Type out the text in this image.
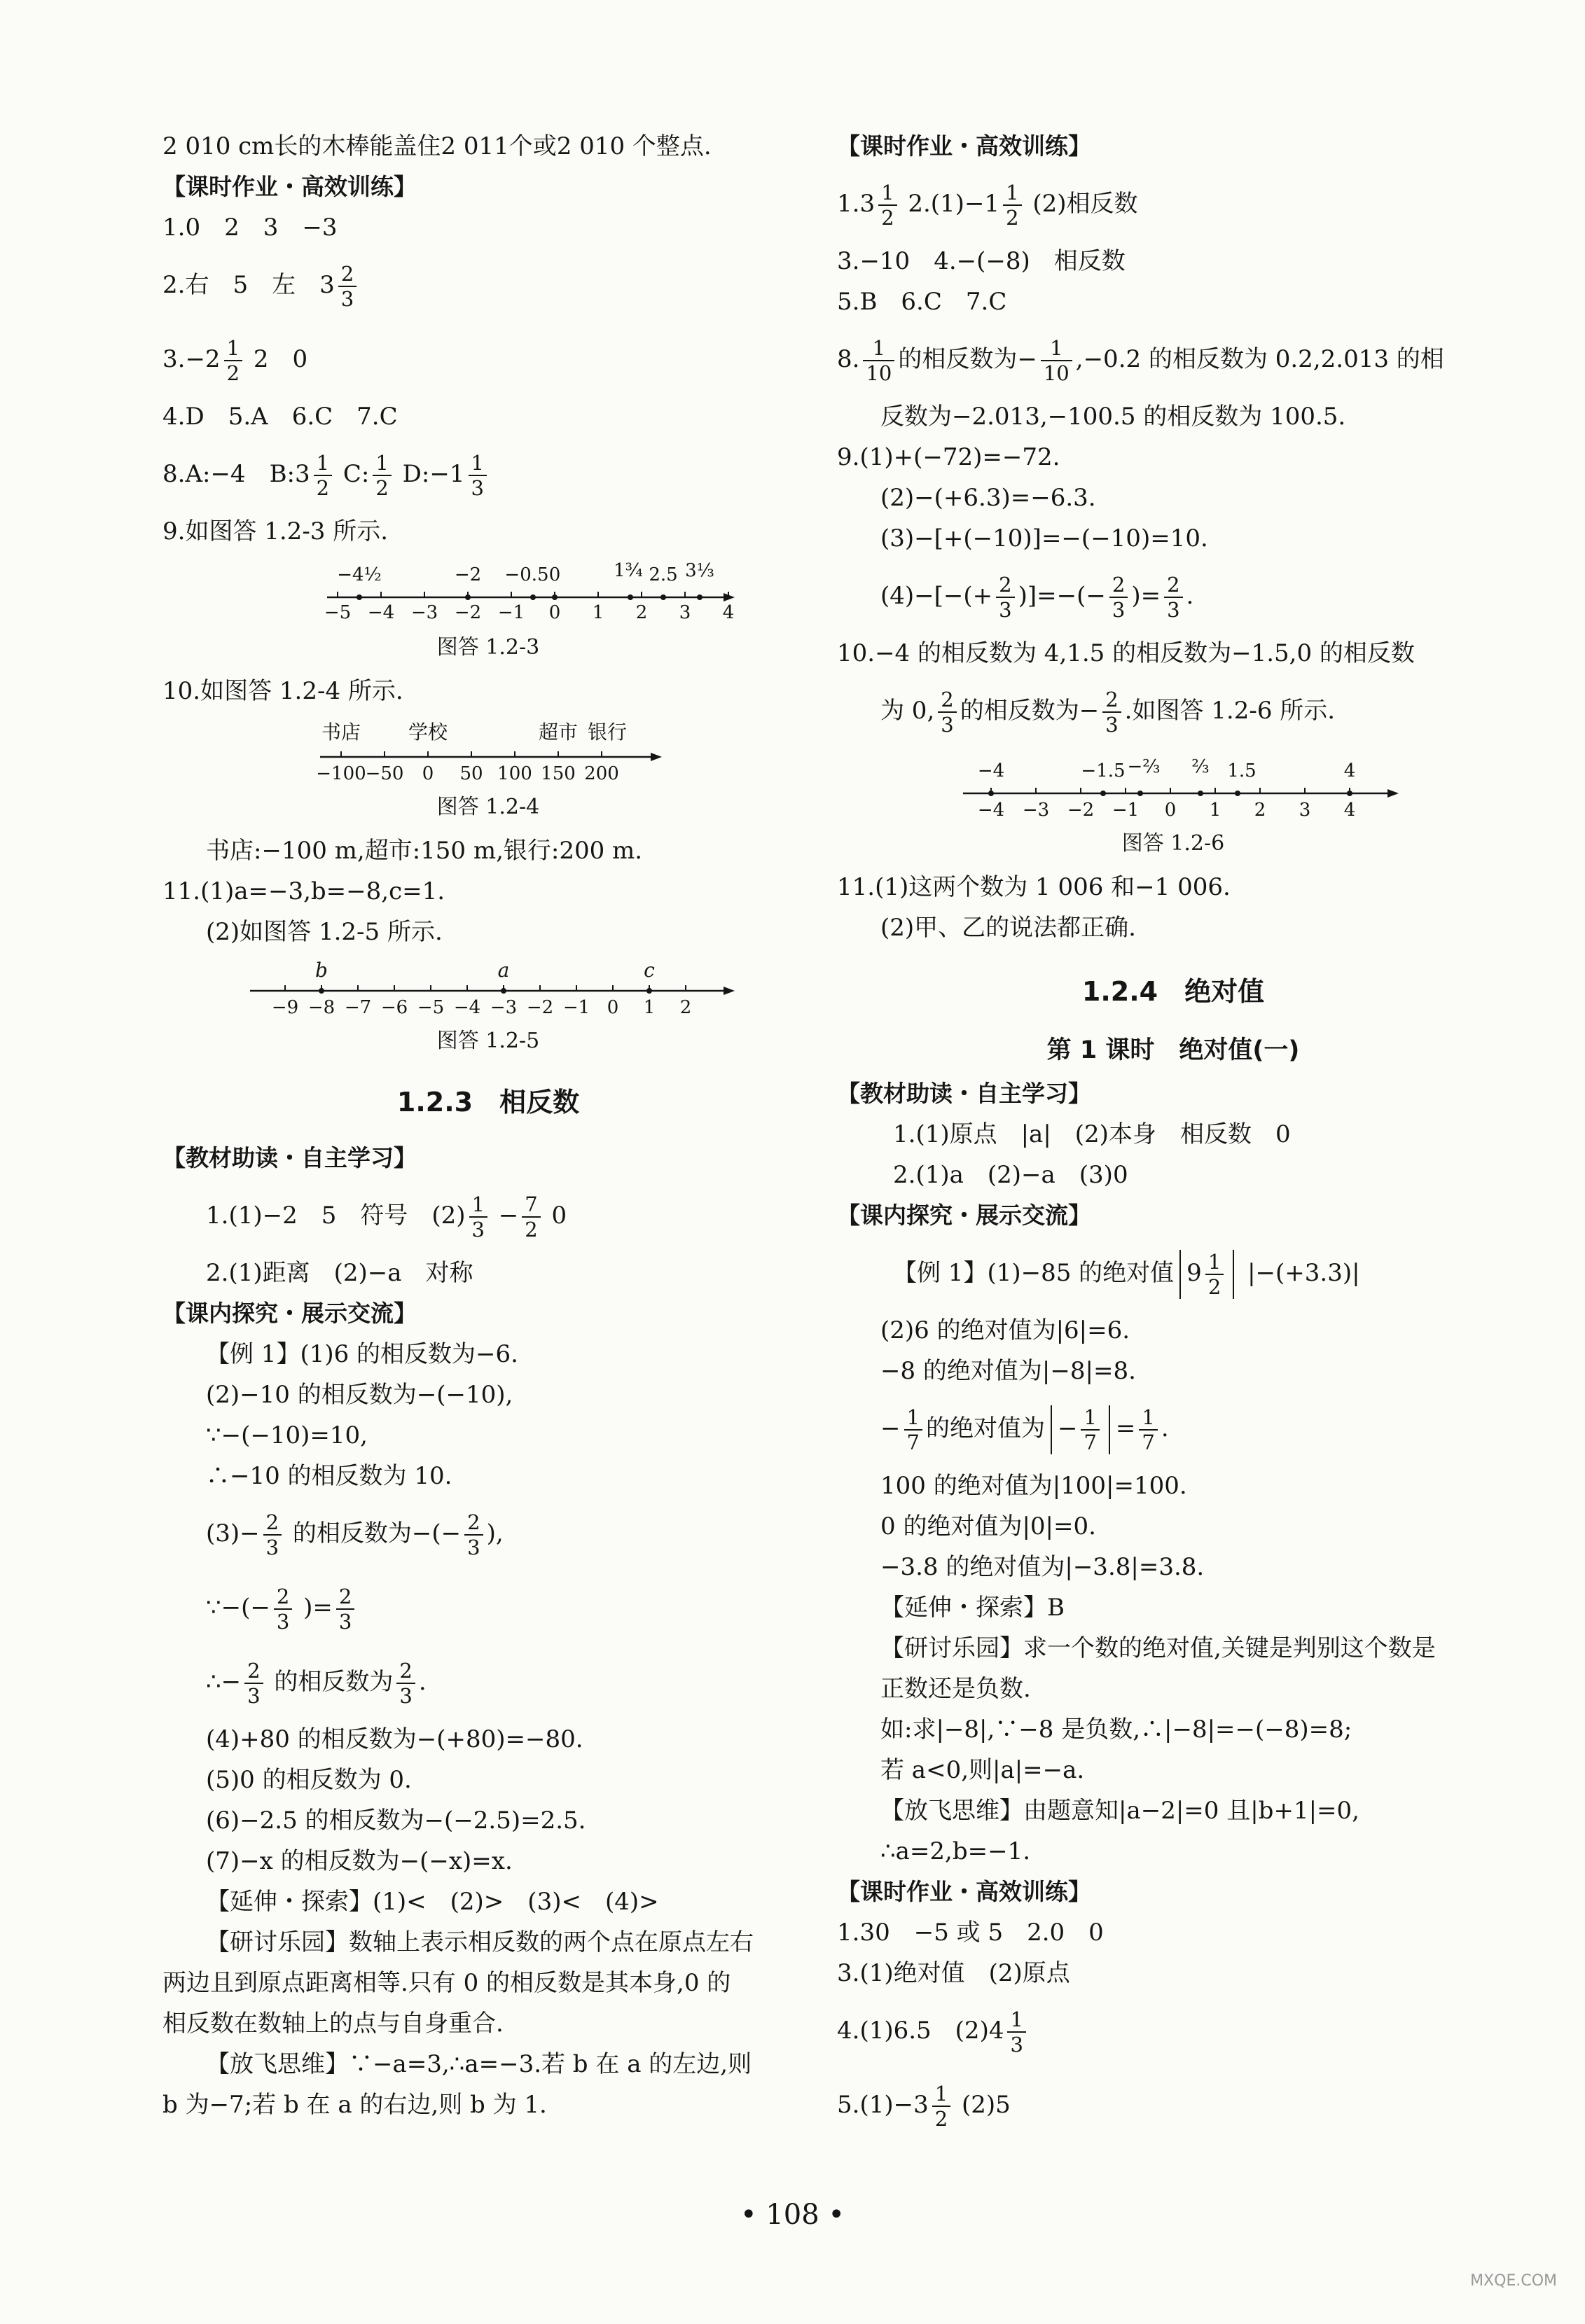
2 010 cm长的木棒能盖住2 011个或2 010 个整点.
【课时作业・高效训练】
1.0　2　3　−3
2.右　5　左　$3 \frac{2}{3}$
$3.-2 \frac{1}{2} 2$　0
4.D　5.A　6.C　7.C
8.A:−4　B:3 $\frac{1}{2} C$: $\frac{1}{2}$ D:−1 $\frac{1}{3}$
9.如图答 1.2-3 所示.
−5 −4 −3 −2 −1 0 1 2 3 4
−4½	−2 −0.5 0	1¾ 2.5 3⅓
图答 1.2-3
10.如图答 1.2-4 所示.
书店 学校	超市 银行
−100
−50 0 50 100 150 200
图答 1.2-4
书店:−100 m,超市:150 m,银行:200 m.
11.(1)a=−3,b=−8,c=1.
(2)如图答 1.2-5 所示.
b	a	c
−9 −8 −7 −6 −5 −4 −3 −2 −1 0 1 2
图答 1.2-5
1.2.3　相反数
【教材助读・自主学习】
1.(1)−2　5　符号　$(2) \frac{1}{3} - \frac{7}{2} 0$
2.(1)距离　(2)−a　对称
【课内探究・展示交流】
【例 1】(1)6 的相反数为−6.
(2)−10 的相反数为−(−10),
∵−(−10)=10,
∴−10 的相反数为 10.
$(3)- \frac{2}{3}$ 的相反数为−(− $\frac{2}{3}$ ),
∵−(− $\frac{2}{3}$ )= $\frac{2}{3}$
∴− $\frac{2}{3}$ 的相反数为 $\frac{2}{3}$ .
(4)+80 的相反数为−(+80)=−80.
(5)0 的相反数为 0.
(6)−2.5 的相反数为−(−2.5)=2.5.
(7)−x 的相反数为−(−x)=x.
【延伸・探索】(1)<　(2)>　(3)<　(4)>
【研讨乐园】数轴上表示相反数的两个点在原点左右
两边且到原点距离相等.只有 0 的相反数是其本身,0 的
相反数在数轴上的点与自身重合.
【放飞思维】∵−a=3,∴a=−3.若 b 在 a 的左边,则
b 为−7;若 b 在 a 的右边,则 b 为 1.
【课时作业・高效训练】
$1.3 \frac{1}{2} 2.(1)-1 \frac{1}{2} (2)$相反数
3.−10　4.−(−8)　相反数
5.B　6.C　7.C
8. $\frac{1}{10}$ 的相反数为− $\frac{1}{10} ,-0.2$ 的相反数为 0.2,2.013 的相
反数为−2.013,−100.5 的相反数为 100.5.
9.(1)+(−72)=−72.
(2)−(+6.3)=−6.3.
(3)−[+(−10)]=−(−10)=10.
$(4)-[-(+ \frac{2}{3}$ )]=−(− $\frac{2}{3}$ )= $\frac{2}{3}$ .
10.−4 的相反数为 4,1.5 的相反数为−1.5,0 的相反数
为 0, $\frac{2}{3}$ 的相反数为− $\frac{2}{3}$ .如图答 1.2-6 所示.
−4	−1.5 −⅔ ⅔ 1.5	4
−4 −3 −2 −1 0 1 2 3 4
图答 1.2-6
11.(1)这两个数为 1 006 和−1 006.
(2)甲、乙的说法都正确.
1.2.4　绝对值
第 1 课时　绝对值(一)
【教材助读・自主学习】
1.(1)原点　|a|　(2)本身　相反数　0
2.(1)a　(2)−a　(3)0
【课内探究・展示交流】
【例 1】(1)−85 的绝对值 $9 \frac{1}{2} |-(+3.3)|$
(2)6 的绝对值为|6|=6.
−8 的绝对值为|−8|=8.
− $\frac{1}{7}$ 的绝对值为 − $\frac{1}{7} = \frac{1}{7}$ .
100 的绝对值为|100|=100.
0 的绝对值为|0|=0.
−3.8 的绝对值为|−3.8|=3.8.
【延伸・探索】B
【研讨乐园】求一个数的绝对值,关键是判别这个数是
正数还是负数.
如:求|−8|,∵−8 是负数,∴|−8|=−(−8)=8;
若 a<0,则|a|=−a.
【放飞思维】由题意知|a−2|=0 且|b+1|=0,
∴a=2,b=−1.
【课时作业・高效训练】
1.30　−5 或 5　2.0　0
3.(1)绝对值　(2)原点
4.(1)6.5　$(2)4 \frac{1}{3}$
$5.(1)-3 \frac{1}{2} (2)5$
• 108 •
MXQE.COM
